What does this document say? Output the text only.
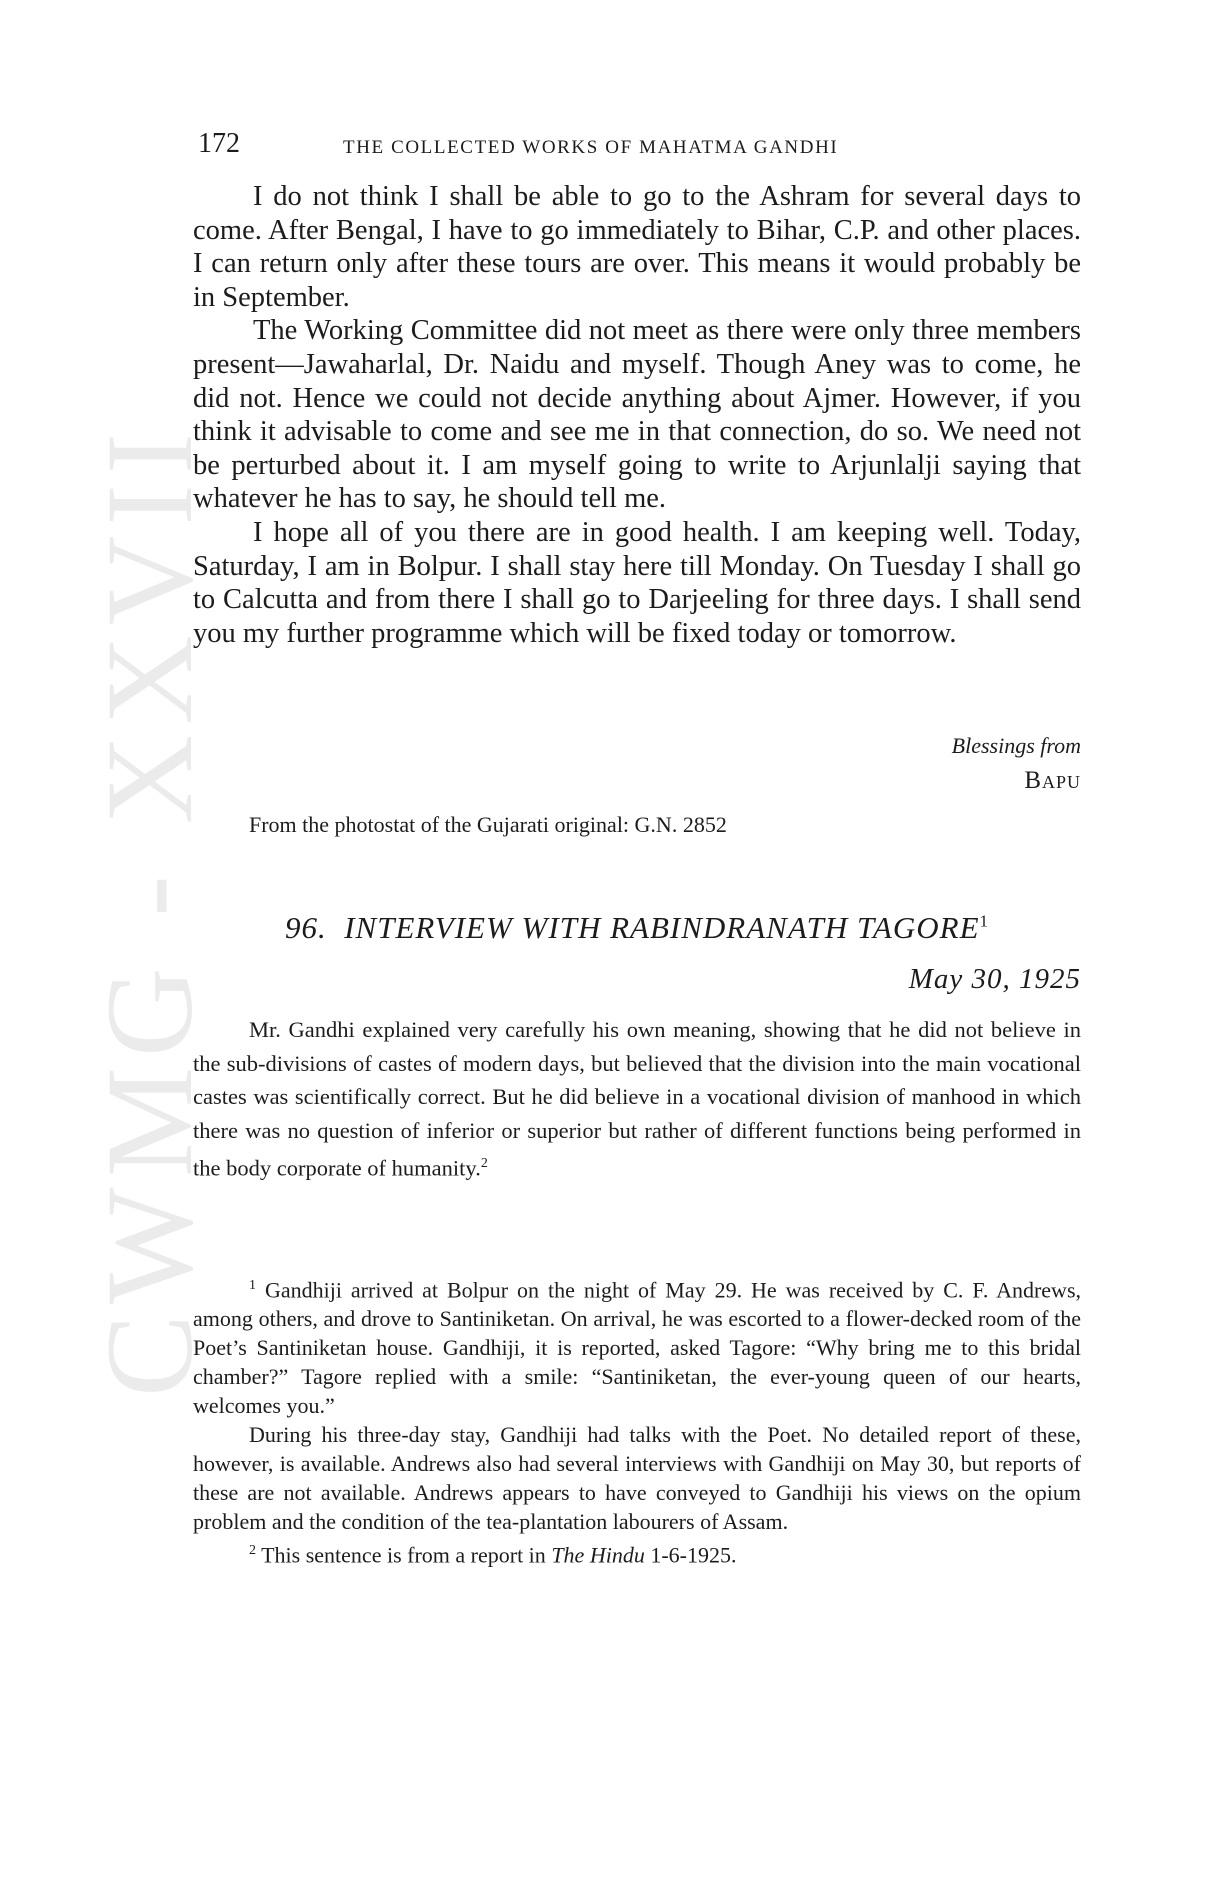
CWMG - XXVII
172	THE COLLECTED WORKS OF MAHATMA GANDHI

I do not think I shall be able to go to the Ashram for several days to come. After Bengal, I have to go immediately to Bihar, C.P. and other places. I can return only after these tours are over. This means it would probably be in September.

The Working Committee did not meet as there were only three members present—Jawaharlal, Dr. Naidu and myself. Though Aney was to come, he did not. Hence we could not decide anything about Ajmer. However, if you think it advisable to come and see me in that connection, do so. We need not be perturbed about it. I am myself going to write to Arjunlalji saying that whatever he has to say, he should tell me.

I hope all of you there are in good health. I am keeping well. Today, Saturday, I am in Bolpur. I shall stay here till Monday. On Tuesday I shall go to Calcutta and from there I shall go to Darjeeling for three days. I shall send you my further programme which will be fixed today or tomorrow.

Blessings from
Bapu
From the photostat of the Gujarati original: G.N. 2852
96. INTERVIEW WITH RABINDRANATH TAGORE$^1$
May 30, 1925

Mr. Gandhi explained very carefully his own meaning, showing that he did not believe in the sub-divisions of castes of modern days, but believed that the division into the main vocational castes was scientifically correct. But he did believe in a vocational division of manhood in which there was no question of inferior or superior but rather of different functions being performed in the body corporate of humanity.$^2$

$^1$ Gandhiji arrived at Bolpur on the night of May 29. He was received by C. F. Andrews, among others, and drove to Santiniketan. On arrival, he was escorted to a flower-decked room of the Poet’s Santiniketan house. Gandhiji, it is reported, asked Tagore: “Why bring me to this bridal chamber?” Tagore replied with a smile: “Santiniketan, the ever-young queen of our hearts, welcomes you.”

During his three-day stay, Gandhiji had talks with the Poet. No detailed report of these, however, is available. Andrews also had several interviews with Gandhiji on May 30, but reports of these are not available. Andrews appears to have conveyed to Gandhiji his views on the opium problem and the condition of the tea-plantation labourers of Assam.

$^2$ This sentence is from a report in The Hindu 1-6-1925.
